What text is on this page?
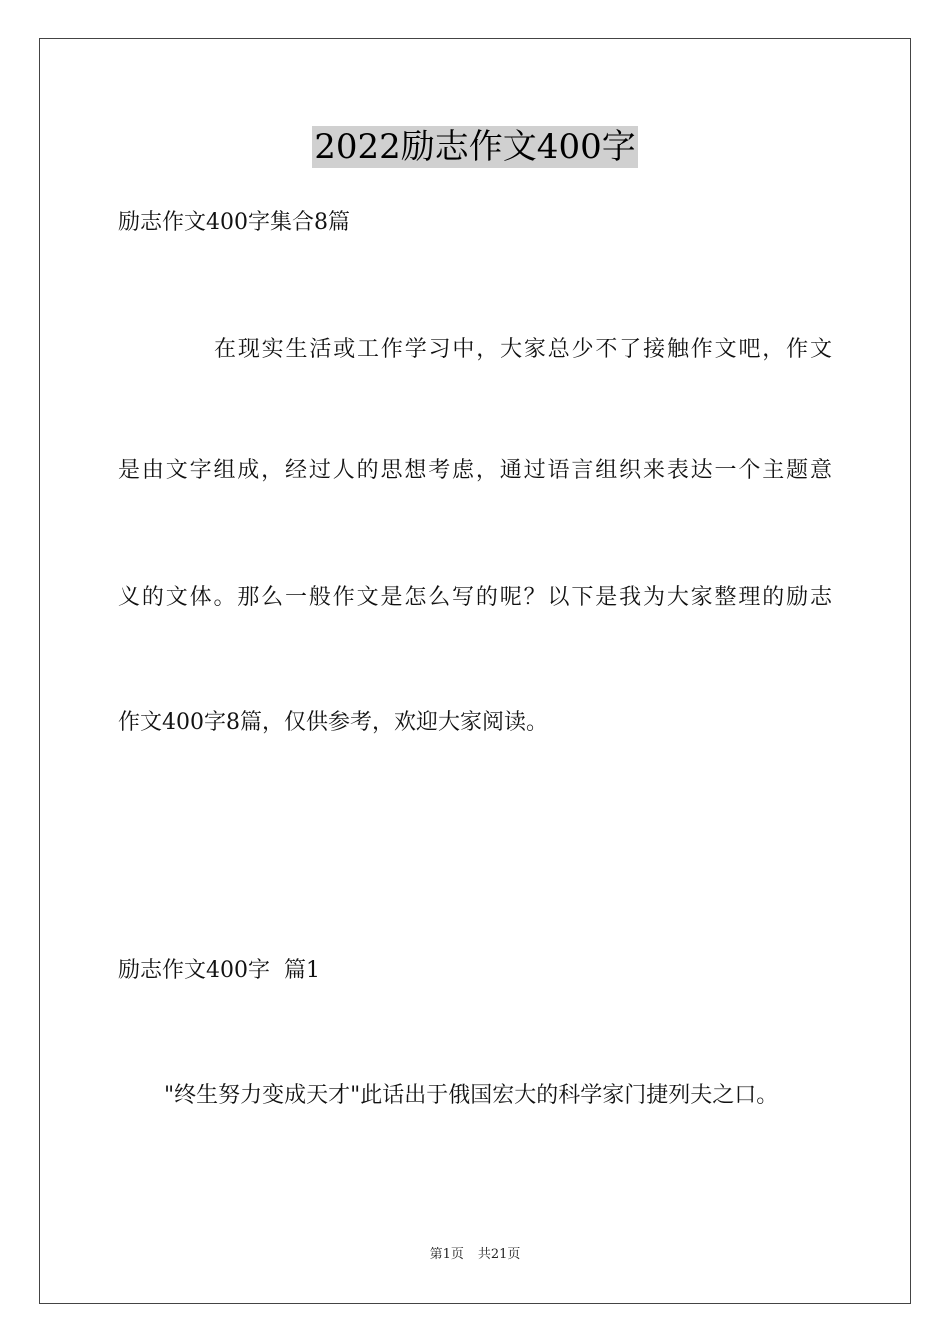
2022励志作文400字
励志作文400字集合8篇
在现实生活或工作学习中，大家总少不了接触作文吧，作文
是由文字组成，经过人的思想考虑，通过语言组织来表达一个主题意
义的文体。那么一般作文是怎么写的呢？以下是我为大家整理的励志
作文400字8篇，仅供参考，欢迎大家阅读。
励志作文400字  篇1
"终生努力变成天才"此话出于俄国宏大的科学家门捷列夫之口。
第1页 共21页
